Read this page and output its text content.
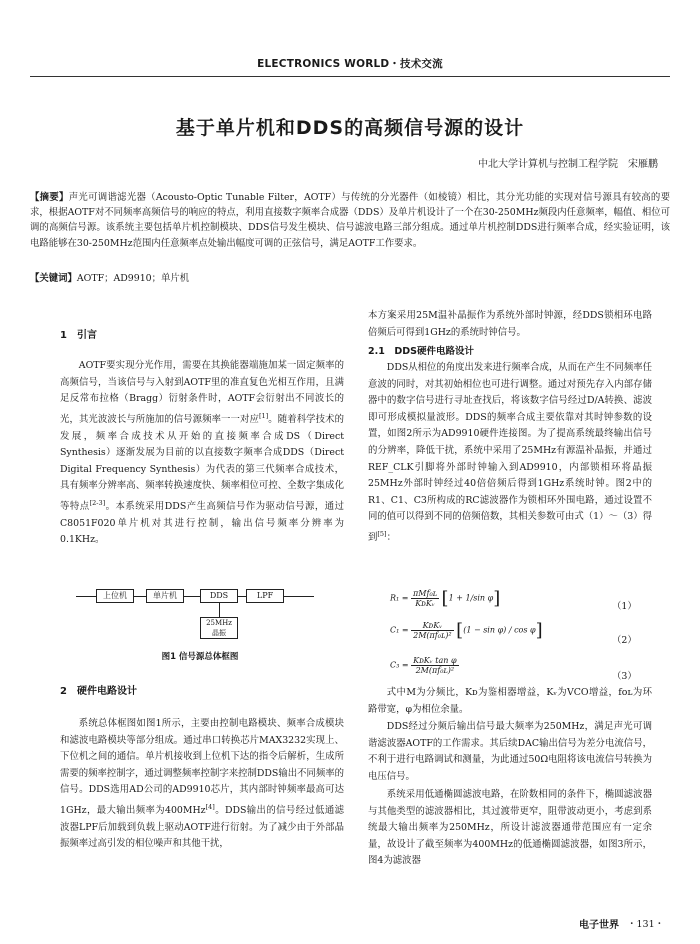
ELECTRONICS WORLD・技术交流
基于单片机和DDS的高频信号源的设计
中北大学计算机与控制工程学院　宋雁鹏
【摘要】声光可调谐滤光器（Acousto-Optic Tunable Filter，AOTF）与传统的分光器件（如棱镜）相比，其分光功能的实现对信号源具有较高的要求，根据AOTF对不同频率高频信号的响应的特点，利用直接数字频率合成器（DDS）及单片机设计了一个在30-250MHz频段内任意频率，幅值、相位可调的高频信号源。该系统主要包括单片机控制模块、DDS信号发生模块、信号滤波电路三部分组成。通过单片机控制DDS进行频率合成，经实验证明，该电路能够在30-250MHz范围内任意频率点处输出幅度可调的正弦信号，满足AOTF工作要求。
【关键词】AOTF；AD9910；单片机
1　引言
AOTF要实现分光作用，需要在其换能器端施加某一固定频率的高频信号，当该信号与入射到AOTF里的准直复色光相互作用，且满足反常布拉格（Bragg）衍射条件时，AOTF会衍射出不同波长的光，其光波波长与所施加的信号源频率一一对应[1]。随着科学技术的发展，频率合成技术从开始的直接频率合成DS（Direct Synthesis）逐渐发展为目前的以直接数字频率合成DDS（Direct Digital Frequency Synthesis）为代表的第三代频率合成技术，具有频率分辨率高、频率转换速度快、频率相位可控、全数字集成化等特点[2-3]。本系统采用DDS产生高频信号作为驱动信号源，通过C8051F020单片机对其进行控制，输出信号频率分辨率为0.1KHz。
上位机	单片机	DDS	LPF
25MHz
晶振
图1 信号源总体框图
2　硬件电路设计
系统总体框图如图1所示，主要由控制电路模块、频率合成模块和滤波电路模块等部分组成。通过串口转换芯片MAX3232实现上、下位机之间的通信。单片机接收到上位机下达的指令后解析，生成所需要的频率控制字，通过调整频率控制字来控制DDS输出不同频率的信号。DDS选用AD公司的AD9910芯片，其内部时钟频率最高可达1GHz，最大输出频率为400MHz[4]。DDS输出的信号经过低通滤波器LPF后加载到负载上驱动AOTF进行衍射。为了减少由于外部晶振频率过高引发的相位噪声和其他干扰，
本方案采用25M温补晶振作为系统外部时钟源，经DDS锁相环电路倍频后可得到1GHz的系统时钟信号。
2.1　DDS硬件电路设计
DDS从相位的角度出发来进行频率合成，从而在产生不同频率任意波的同时，对其初始相位也可进行调整。通过对预先存入内部存储器中的数字信号进行寻址查找后，将该数字信号经过D/A转换、滤波即可形成模拟量波形。DDS的频率合成主要依靠对其时钟参数的设置，如图2所示为AD9910硬件连接图。为了提高系统最终输出信号的分辨率，降低干扰，系统中采用了25MHz有源温补晶振，并通过REF_CLK引脚将外部时钟输入到AD9910，内部锁相环将晶振25MHz外部时钟经过40倍倍频后得到1GHz系统时钟。图2中的R1、C1、C3所构成的RC滤波器作为锁相环外围电路，通过设置不同的值可以得到不同的倍频倍数，其相关参数可由式（1）～（3）得到[5]：
$R_1 = \frac{\text{πMf₀ʟ}}{\text{KᴅKᵥ}} [1 + 1/\sin$ φ]	（1）
$C_1 = \frac{\text{KᴅKᵥ}}{\text{2M(πf₀ʟ)²}} [(1 - \sin \varphi) / \cos \varphi]$	（2）
$C_3 = \frac{\text{KᴅKᵥ tan φ}}{\text{2M(πf₀ʟ)²}}$
（3）
式中M为分频比，Kᴅ为鉴相器增益，Kᵥ为VCO增益，fᴏʟ为环路带宽，φ为相位余量。
DDS经过分频后输出信号最大频率为250MHz，满足声光可调谐滤波器AOTF的工作需求。其后续DAC输出信号为差分电流信号，不利于进行电路调试和测量，为此通过50Ω电阻将该电流信号转换为电压信号。
系统采用低通椭圆滤波电路，在阶数相同的条件下，椭圆滤波器与其他类型的滤波器相比，其过渡带更窄，阻带波动更小，考虑到系统最大输出频率为250MHz，所设计滤波器通带范围应有一定余量，故设计了截至频率为400MHz的低通椭圆滤波器，如图3所示，图4为滤波器
电子世界 ・131・
